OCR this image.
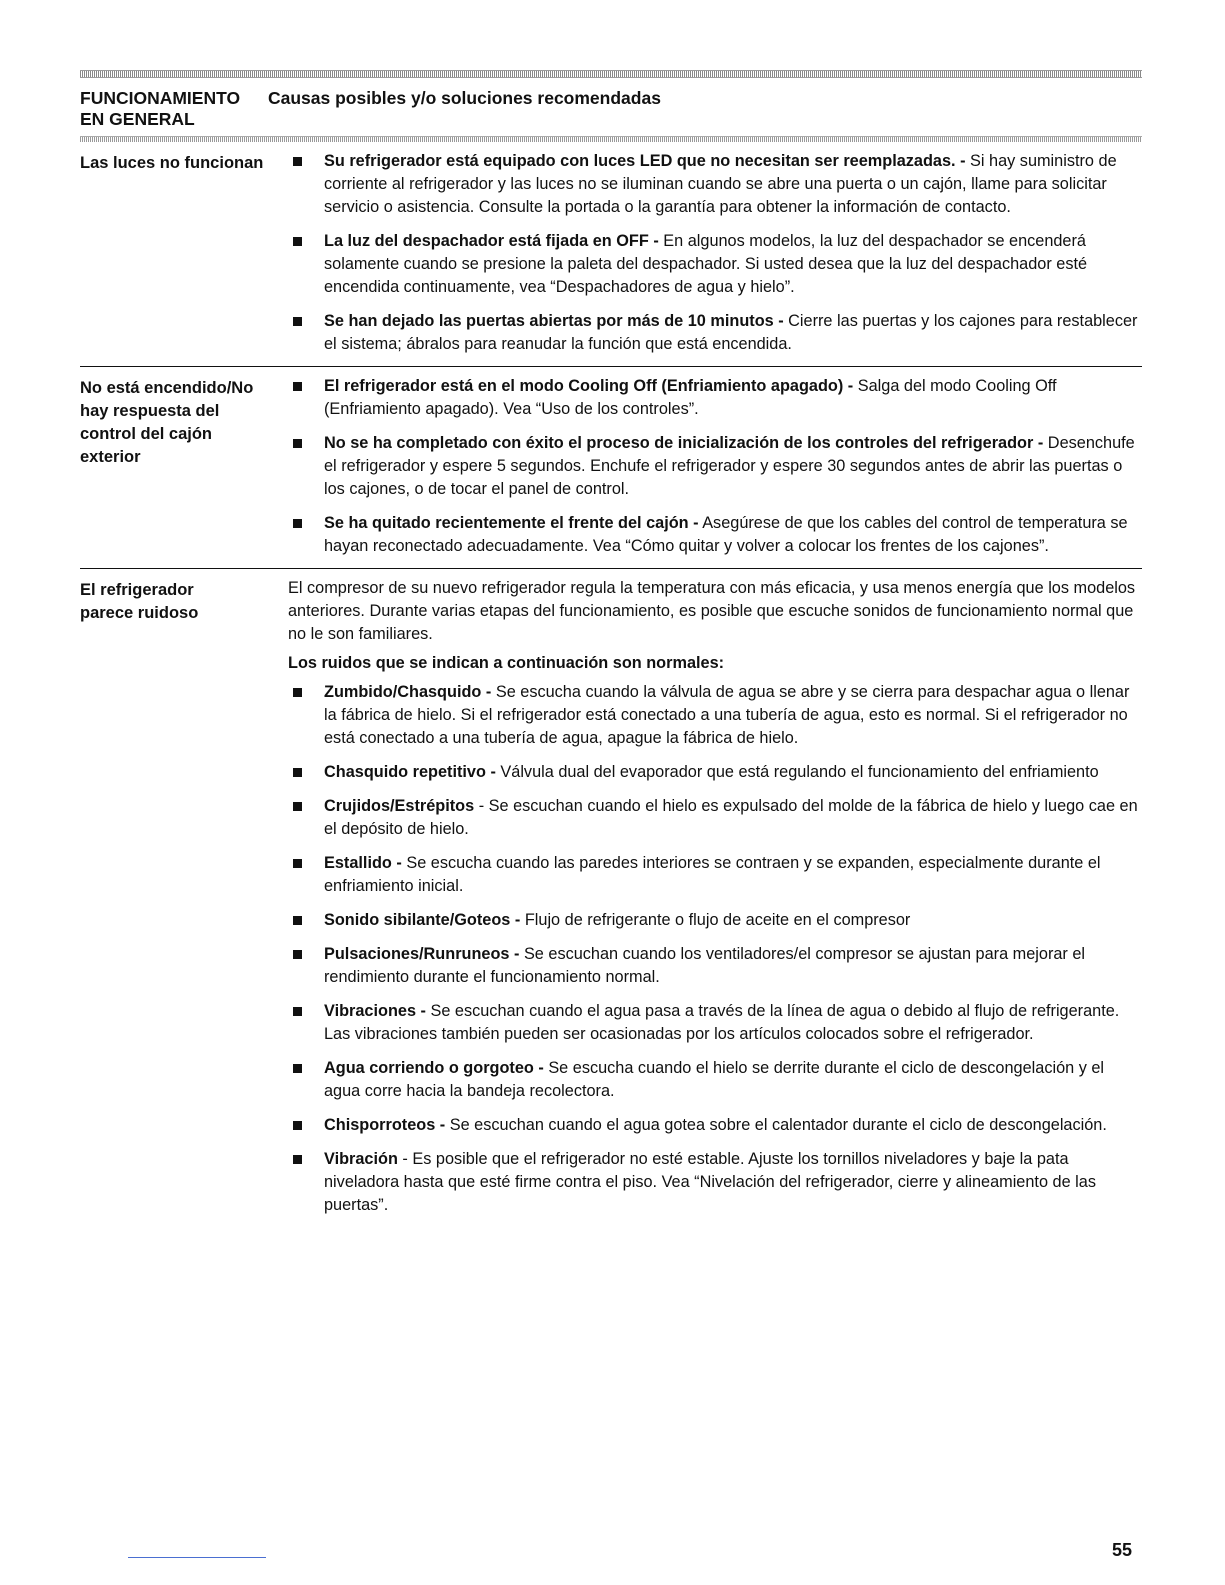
FUNCIONAMIENTO
EN GENERAL
Causas posibles y/o soluciones recomendadas
Las luces no funcionan	Su refrigerador está equipado con luces LED que no necesitan ser reemplazadas. - Si hay suministro de corriente al refrigerador y las luces no se iluminan cuando se abre una puerta o un cajón, llame para solicitar servicio o asistencia. Consulte la portada o la garantía para obtener la información de contacto.
La luz del despachador está fijada en OFF - En algunos modelos, la luz del despachador se encenderá solamente cuando se presione la paleta del despachador. Si usted desea que la luz del despachador esté encendida continuamente, vea “Despachadores de agua y hielo”.
Se han dejado las puertas abiertas por más de 10 minutos - Cierre las puertas y los cajones para restablecer el sistema; ábralos para reanudar la función que está encendida.
No está encendido/No hay respuesta del control del cajón exterior
El refrigerador está en el modo Cooling Off (Enfriamiento apagado) - Salga del modo Cooling Off (Enfriamiento apagado). Vea “Uso de los controles”.
No se ha completado con éxito el proceso de inicialización de los controles del refrigerador - Desenchufe el refrigerador y espere 5 segundos. Enchufe el refrigerador y espere 30 segundos antes de abrir las puertas o los cajones, o de tocar el panel de control.
Se ha quitado recientemente el frente del cajón - Asegúrese de que los cables del control de temperatura se hayan reconectado adecuadamente. Vea “Cómo quitar y volver a colocar los frentes de los cajones”.
El refrigerador parece ruidoso

El compresor de su nuevo refrigerador regula la temperatura con más eficacia, y usa menos energía que los modelos anteriores. Durante varias etapas del funcionamiento, es posible que escuche sonidos de funcionamiento normal que no le son familiares.

Los ruidos que se indican a continuación son normales:

Zumbido/Chasquido - Se escucha cuando la válvula de agua se abre y se cierra para despachar agua o llenar la fábrica de hielo. Si el refrigerador está conectado a una tubería de agua, esto es normal. Si el refrigerador no está conectado a una tubería de agua, apague la fábrica de hielo.
Chasquido repetitivo - Válvula dual del evaporador que está regulando el funcionamiento del enfriamiento
Crujidos/Estrépitos - Se escuchan cuando el hielo es expulsado del molde de la fábrica de hielo y luego cae en el depósito de hielo.
Estallido - Se escucha cuando las paredes interiores se contraen y se expanden, especialmente durante el enfriamiento inicial.
Sonido sibilante/Goteos - Flujo de refrigerante o flujo de aceite en el compresor
Pulsaciones/Runruneos - Se escuchan cuando los ventiladores/el compresor se ajustan para mejorar el rendimiento durante el funcionamiento normal.
Vibraciones - Se escuchan cuando el agua pasa a través de la línea de agua o debido al flujo de refrigerante. Las vibraciones también pueden ser ocasionadas por los artículos colocados sobre el refrigerador.
Agua corriendo o gorgoteo - Se escucha cuando el hielo se derrite durante el ciclo de descongelación y el agua corre hacia la bandeja recolectora.
Chisporroteos - Se escuchan cuando el agua gotea sobre el calentador durante el ciclo de descongelación.
Vibración - Es posible que el refrigerador no esté estable. Ajuste los tornillos niveladores y baje la pata niveladora hasta que esté firme contra el piso. Vea “Nivelación del refrigerador, cierre y alineamiento de las puertas”.
55
